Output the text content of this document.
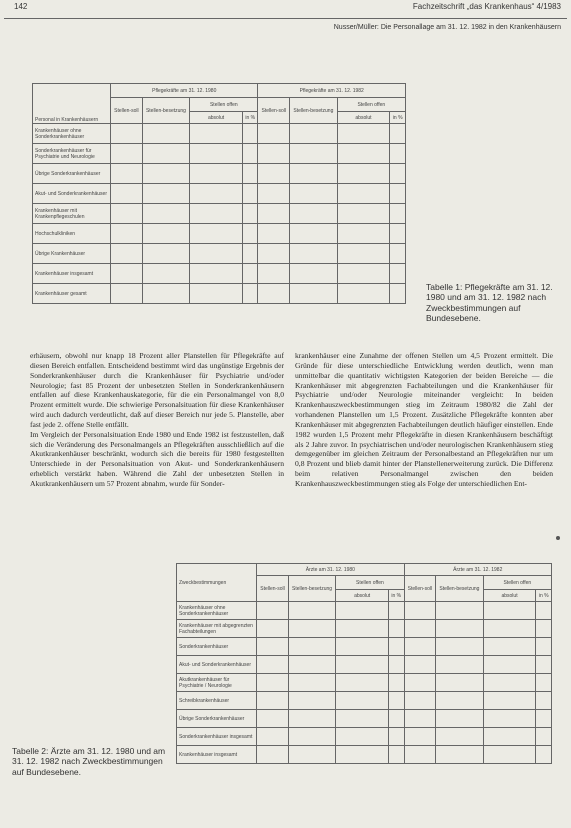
142	Fachzeitschrift „das Krankenhaus“ 4/1983
Nusser/Müller: Die Personallage am 31. 12. 1982 in den Krankenhäusern
Personal in Krankenhäusern	Pflegekräfte am 31. 12. 1980				Pflegekräfte am 31. 12. 1982			
	Stellen-soll	Stellen-besetzung	Stellen offen		Stellen-soll	Stellen-besetzung	Stellen offen	
			absolut	in %			absolut	in %
Krankenhäuser ohne Sonderkrankenhäuser								
Sonderkrankenhäuser für Psychiatrie und Neurologie								
Übrige Sonderkrankenhäuser								
Akut- und Sonderkrankenhäuser								
Krankenhäuser mit Krankenpflegeschulen								
Hochschulkliniken								
Übrige Krankenhäuser								
Krankenhäuser insgesamt								
Krankenhäuser gesamt								
Tabelle 1: Pflegekräfte am 31. 12. 1980 und am 31. 12. 1982 nach Zweckbestimmungen auf Bundesebene.

erhäusern, obwohl nur knapp 18 Prozent aller Planstellen für Pflegekräfte auf diesen Bereich entfallen. Entscheidend bestimmt wird das ungünstige Ergebnis der Sonderkrankenhäuser durch die Krankenhäuser für Psychiatrie und/oder Neurologie; fast 85 Prozent der unbesetzten Stellen in Sonderkrankenhäusern entfallen auf diese Krankenhauskategorie, für die ein Personalmangel von 8,0 Prozent ermittelt wurde. Die schwierige Personalsituation für diese Krankenhäuser wird auch dadurch verdeutlicht, daß auf dieser Bereich nur jede 5. Planstelle, aber fast jede 2. offene Stelle entfällt.

Im Vergleich der Personalsituation Ende 1980 und Ende 1982 ist festzustellen, daß sich die Veränderung des Personalmangels an Pflegekräften ausschließlich auf die Akutkrankenhäuser beschränkt, wodurch sich die bereits für 1980 festgestellten Unterschiede in der Personalsituation von Akut- und Sonderkrankenhäusern erheblich verstärkt haben. Während die Zahl der unbesetzten Stellen in Akutkrankenhäusern um 57 Prozent abnahm, wurde für Sonder-

krankenhäuser eine Zunahme der offenen Stellen um 4,5 Prozent ermittelt. Die Gründe für diese unterschiedliche Entwicklung werden deutlich, wenn man unmittelbar die quantitativ wichtigsten Kategorien der beiden Bereiche — die Krankenhäuser mit abgegrenzten Fachabteilungen und die Krankenhäuser für Psychiatrie und/oder Neurologie miteinander vergleicht: In beiden Krankenhauszweckbestimmungen stieg im Zeitraum 1980/82 die Zahl der vorhandenen Planstellen um 1,5 Prozent. Zusätzliche Pflegekräfte konnten aber Krankenhäuser mit abgegrenzten Fachabteilungen deutlich häufiger einstellen. Ende 1982 wurden 1,5 Prozent mehr Pflegekräfte in diesen Krankenhäusern beschäftigt als 2 Jahre zuvor. In psychiatrischen und/oder neurologischen Krankenhäusern stieg demgegenüber im gleichen Zeitraum der Personalbestand an Pflegekräften nur um 0,8 Prozent und blieb damit hinter der Planstellenerweiterung zurück. Die Differenz beim relativen Personalmangel zwischen den beiden Krankenhauszweckbestimmungen stieg als Folge der unterschiedlichen Ent-

Zweckbestimmungen	Ärzte am 31. 12. 1980				Ärzte am 31. 12. 1982			
	Stellen-soll	Stellen-besetzung	Stellen offen		Stellen-soll	Stellen-besetzung	Stellen offen	
			absolut	in %			absolut	in %
Krankenhäuser ohne Sonderkrankenhäuser								
Krankenhäuser mit abgegrenzten Fachabteilungen								
Sonderkrankenhäuser								
Akut- und Sonderkrankenhäuser								
Akutkrankenhäuser für Psychiatrie / Neurologie								
Schreibkrankenhäuser								
Übrige Sonderkrankenhäuser								
Sonderkrankenhäuser insgesamt								
Krankenhäuser insgesamt								
Tabelle 2: Ärzte am 31. 12. 1980 und am 31. 12. 1982 nach Zweckbestimmungen auf Bundesebene.
